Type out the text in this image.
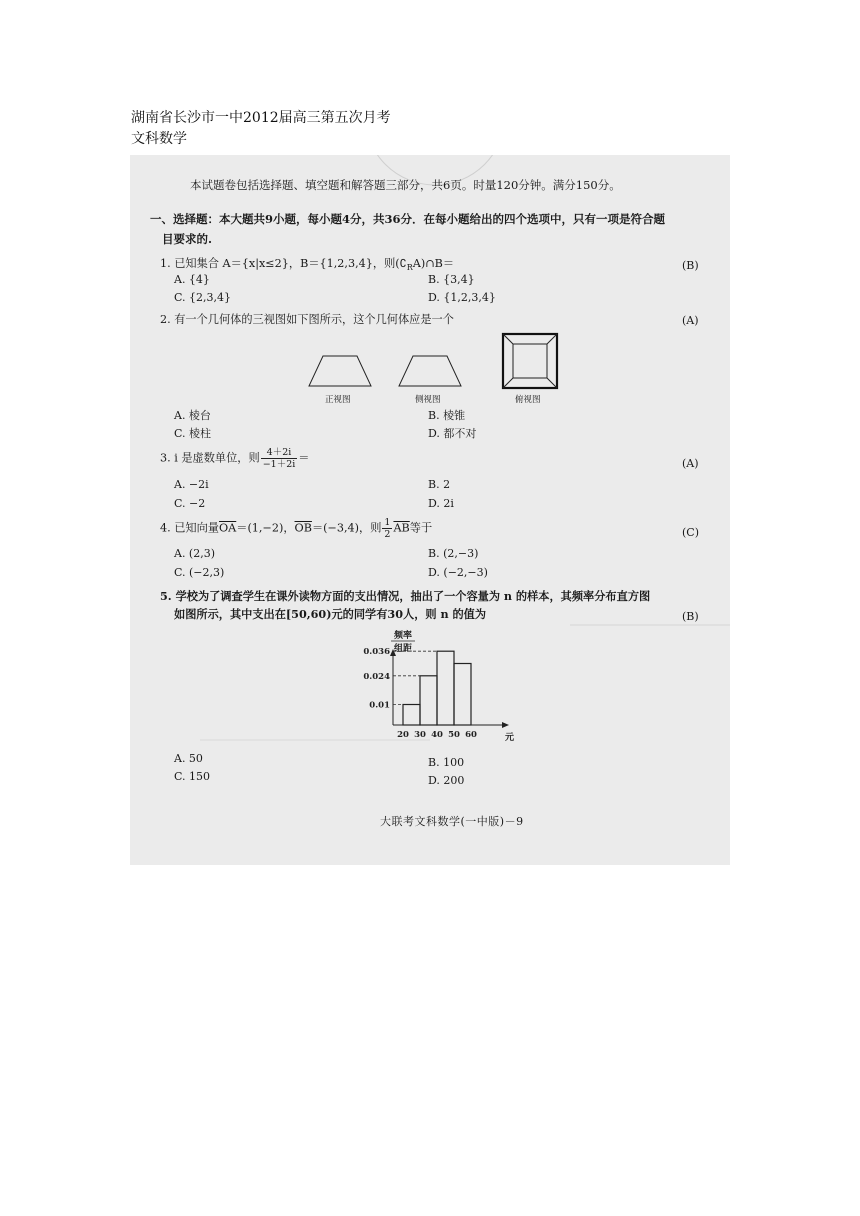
湖南省长沙市一中2012届高三第五次月考
文科数学
本试题卷包括选择题、填空题和解答题三部分，共6页。时量120分钟。满分150分。
一、选择题：本大题共9小题，每小题4分，共36分．在每小题给出的四个选项中，只有一项是符合题
目要求的.
1. 已知集合 A＝{x|x≤2}，B＝{1,2,3,4}，则$(∁_RA)\cap B=$	(B)
A. {4}	B. {3,4}
C. {2,3,4}	D. {1,2,3,4}
2. 有一个几何体的三视图如下图所示，这个几何体应是一个	(A)
正视图	侧视图	俯视图
A. 棱台	B. 棱锥
C. 棱柱	D. 都不对
3. i 是虚数单位，则 $\frac{4+2i}{-1+2i}$ ＝	(A)
A. −2i	B. 2
C. −2	D. 2i
4. 已知向量$\overline{OA}=(1,-2)$，$\overline{OB}=(-3,4)$，则 $\frac{1}{2} \overline{AB}$等于	(C)
A. (2,3)	B. (2,−3)
C. (−2,3)	D. (−2,−3)
5. 学校为了调查学生在课外读物方面的支出情况，抽出了一个容量为 n 的样本，其频率分布直方图
如图所示，其中支出在[50,60)元的同学有30人，则 n 的值为	(B)
频率
组距
0.01
0.024
0.036
20 30 40 50 60	元
A. 50	B. 100
C. 150	D. 200
大联考文科数学(一中版)－9
